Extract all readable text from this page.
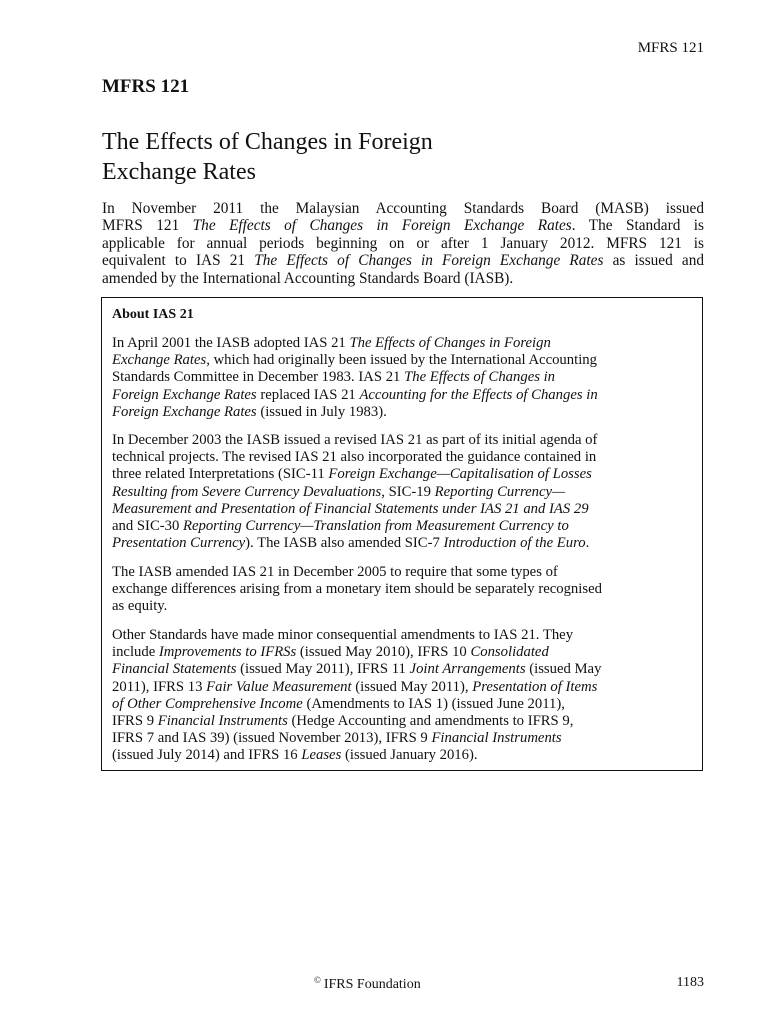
MFRS 121
MFRS 121
The Effects of Changes in Foreign
Exchange Rates
In November 2011 the Malaysian Accounting Standards Board (MASB) issued
MFRS 121 The Effects of Changes in Foreign Exchange Rates. The Standard is
applicable for annual periods beginning on or after 1 January 2012. MFRS 121 is
equivalent to IAS 21 The Effects of Changes in Foreign Exchange Rates as issued and
amended by the International Accounting Standards Board (IASB).
About IAS 21

In April 2001 the IASB adopted IAS 21 The Effects of Changes in Foreign
Exchange Rates, which had originally been issued by the International Accounting
Standards Committee in December 1983. IAS 21 The Effects of Changes in
Foreign Exchange Rates replaced IAS 21 Accounting for the Effects of Changes in
Foreign Exchange Rates (issued in July 1983).

In December 2003 the IASB issued a revised IAS 21 as part of its initial agenda of
technical projects. The revised IAS 21 also incorporated the guidance contained in
three related Interpretations (SIC-11 Foreign Exchange—Capitalisation of Losses
Resulting from Severe Currency Devaluations, SIC-19 Reporting Currency—
Measurement and Presentation of Financial Statements under IAS 21 and IAS 29
and SIC-30 Reporting Currency—Translation from Measurement Currency to
Presentation Currency). The IASB also amended SIC-7 Introduction of the Euro.

The IASB amended IAS 21 in December 2005 to require that some types of
exchange differences arising from a monetary item should be separately recognised
as equity.

Other Standards have made minor consequential amendments to IAS 21. They
include Improvements to IFRSs (issued May 2010), IFRS 10 Consolidated
Financial Statements (issued May 2011), IFRS 11 Joint Arrangements (issued May
2011), IFRS 13 Fair Value Measurement (issued May 2011), Presentation of Items
of Other Comprehensive Income (Amendments to IAS 1) (issued June 2011),
IFRS 9 Financial Instruments (Hedge Accounting and amendments to IFRS 9,
IFRS 7 and IAS 39) (issued November 2013), IFRS 9 Financial Instruments
(issued July 2014) and IFRS 16 Leases (issued January 2016).

© IFRS Foundation	1183
